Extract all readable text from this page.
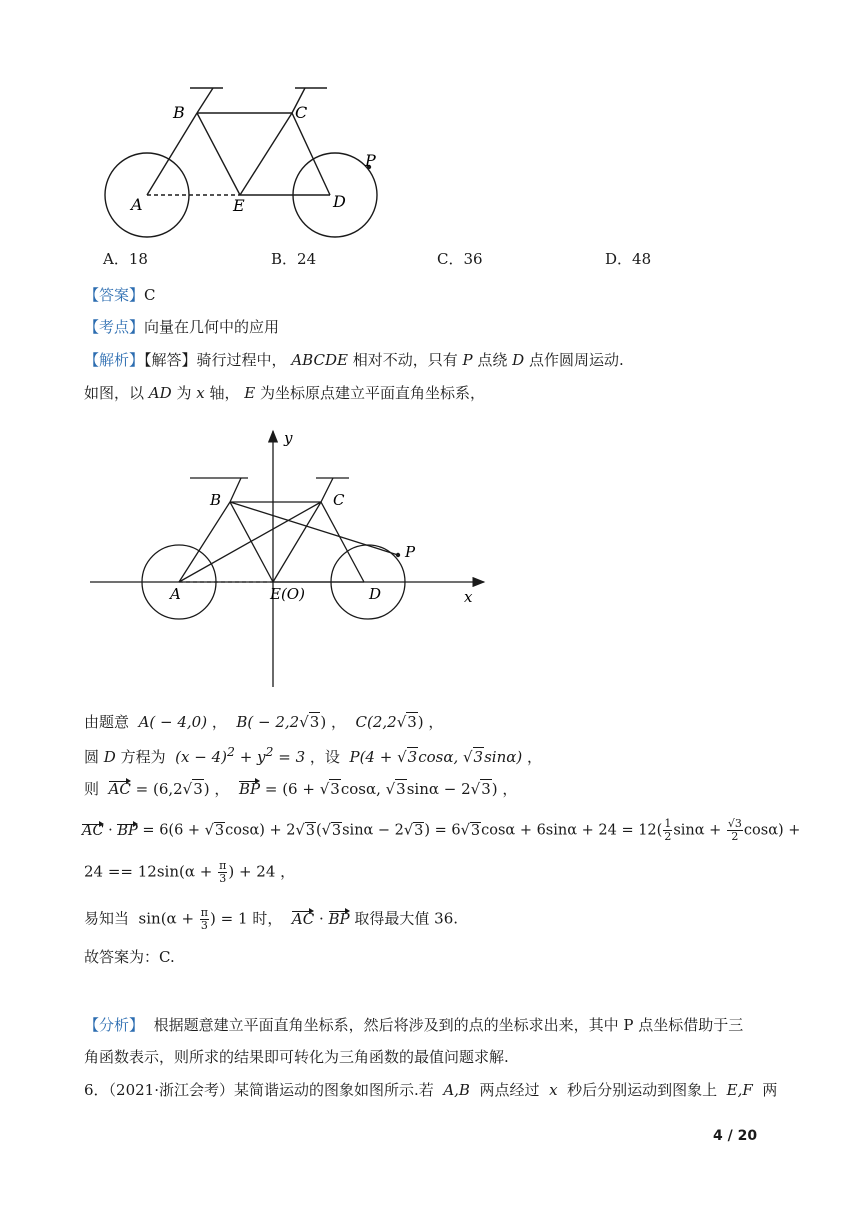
B	C
A	E	D
P
A．18	B．24	C．36	D．48
【答案】C
【考点】向量在几何中的应用
【解析】【解答】骑行过程中， ABCDE 相对不动，只有 P 点绕 D 点作圆周运动.
如图，以 AD 为 x 轴， E 为坐标原点建立平面直角坐标系，
y
x
B	C
A	E(O)	D
P
由题意 A( − 4,0) ，  B( − 2,2√3) ，  C(2,2√3) ，
圆 D 方程为 $(x - 4)^2 + y^2 = 3$ ，设 P(4 + √3cosα, √3sinα) ，
则 AC = (6,2√3) ，  BP = (6 + √3cosα, √3sinα − 2√3) ，
AC · BP = $6(6 + √3\cos\alpha) + 2√3(√3\sin\alpha - 2√3) = 6√3\cos\alpha + 6\sin\alpha + 24 = 12( \frac{1}{2}$ $\sin\alpha + \frac{√3}{2} \cos\alpha$) +
$24 == 12\sin(\alpha + \frac{\pi}{3}$ ) + 24 ，
易知当  $\sin(\alpha + \frac{\pi}{3}$ ) = 1 时， AC · BP 取得最大值 36.
故答案为：C.
【分析】 根据题意建立平面直角坐标系，然后将涉及到的点的坐标求出来，其中 P 点坐标借助于三
角函数表示，则所求的结果即可转化为三角函数的最值问题求解.
6．（2021·浙江会考）某简谐运动的图象如图所示.若 A,B 两点经过 x 秒后分别运动到图象上 E,F 两
4 / 20
